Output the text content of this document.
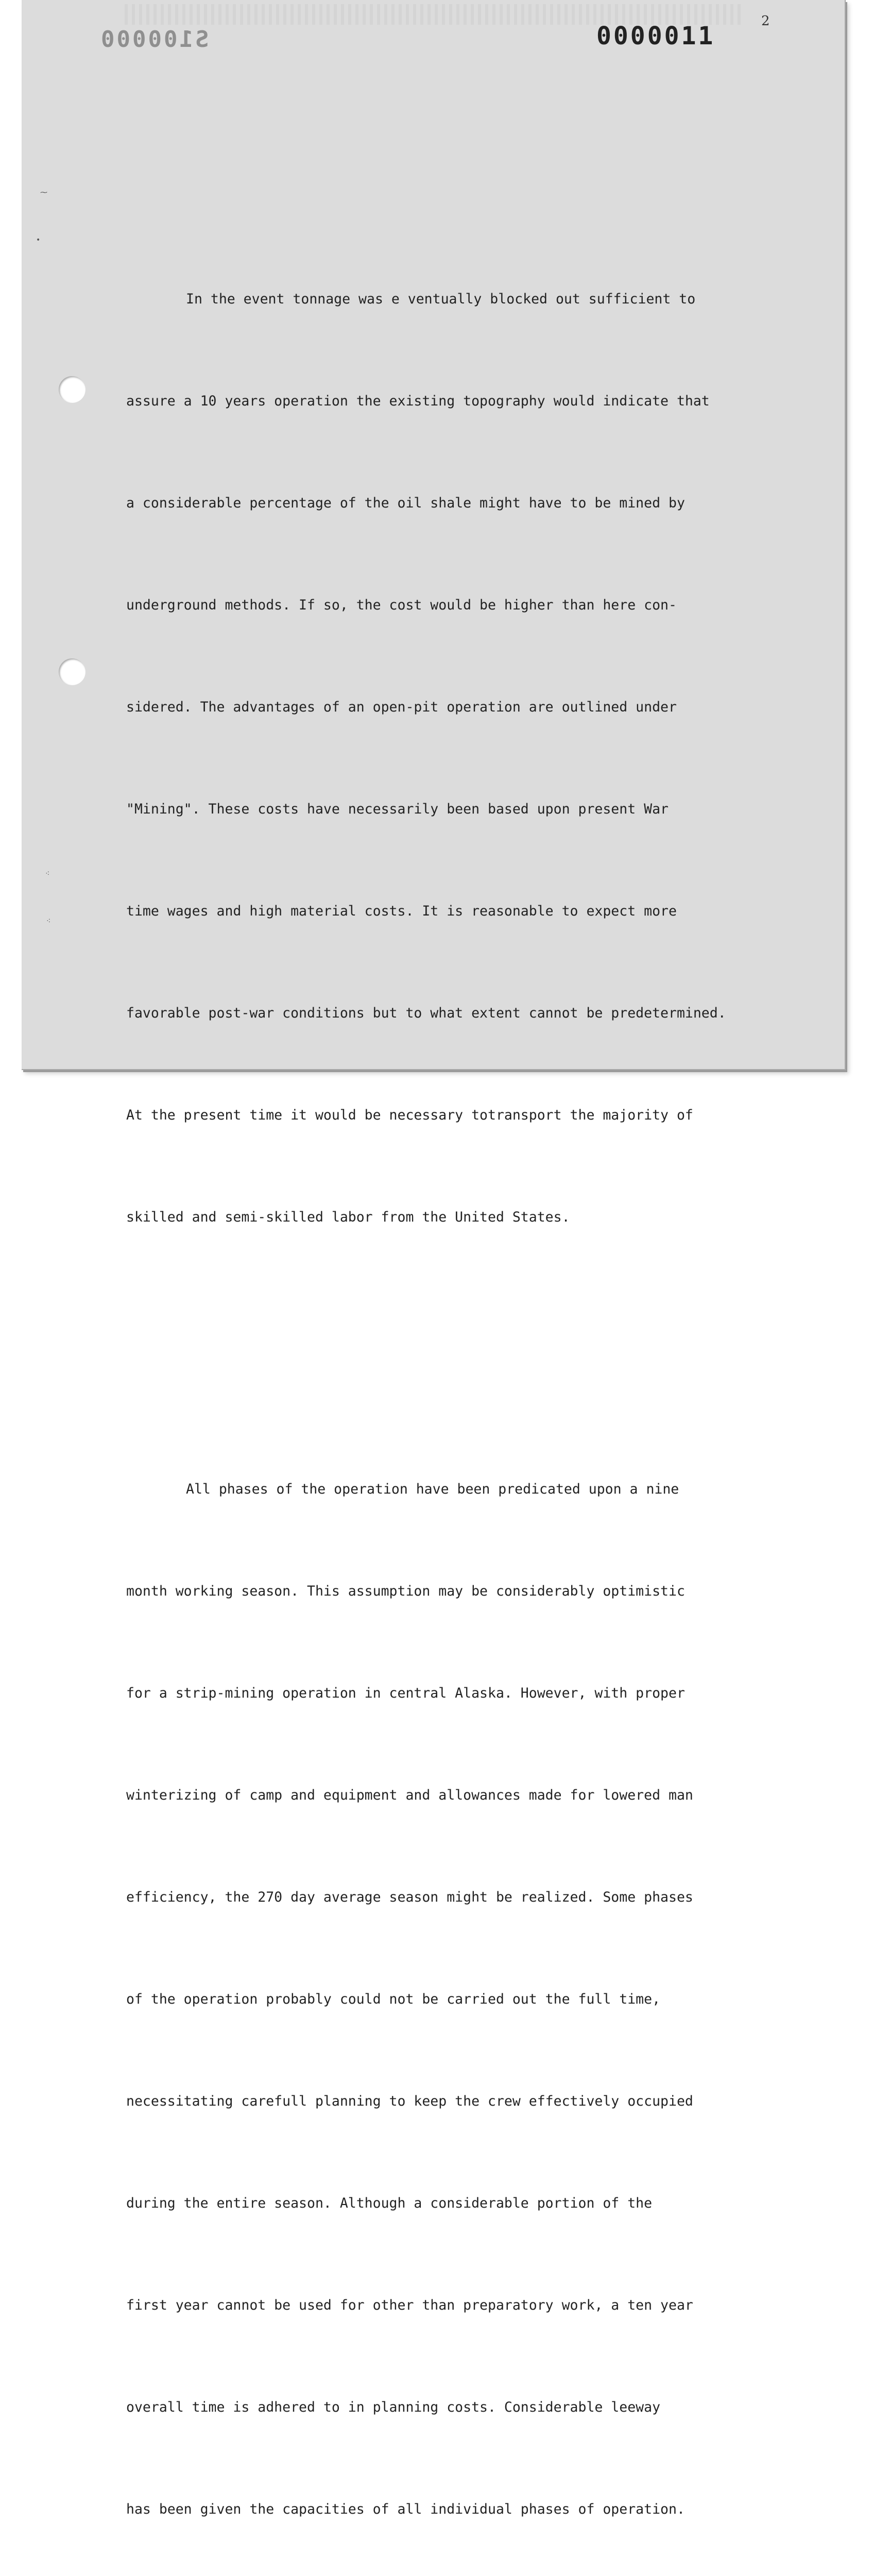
S100000	0000011
2
⁓
•
⁖
⁖

In the event tonnage was e ventually blocked out sufficient to

assure a 10 years operation the existing topography would indicate that

a considerable percentage of the oil shale might have to be mined by

underground methods. If so, the cost would be higher than here con-

sidered. The advantages of an open-pit operation are outlined under

"Mining". These costs have necessarily been based upon present War

time wages and high material costs. It is reasonable to expect more

favorable post-war conditions but to what extent cannot be predetermined.

At the present time it would be necessary totransport the majority of

skilled and semi-skilled labor from the United States.

All phases of the operation have been predicated upon a nine

month working season. This assumption may be considerably optimistic

for a strip-mining operation in central Alaska. However, with proper

winterizing of camp and equipment and allowances made for lowered man

efficiency, the 270 day average season might be realized. Some phases

of the operation probably could not be carried out the full time,

necessitating carefull planning to keep the crew effectively occupied

during the entire season. Although a considerable portion of the

first year cannot be used for other than preparatory work, a ten year

overall time is adhered to in planning costs. Considerable leeway

has been given the capacities of all individual phases of operation.
